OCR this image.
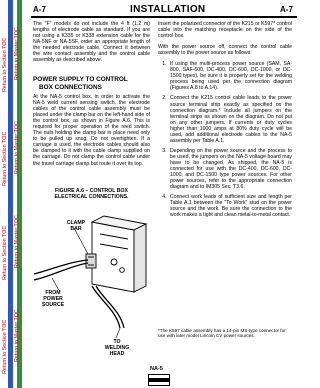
Return to Section TOC
Return to Section TOC
Return to Section TOC
Return to Section TOC
Return to Master TOC
Return to Master TOC
Return to Master TOC
Return to Master TOC
A-7	INSTALLATION	A-7

The "F" models do not include the 4 ft (1.2 m) lengths of electrode cable as standard. If you are not using a K335 or K338 extension cable for the NA-5NF or NA-5SF, order an appropriate length of the needed electrode cable. Connect it between the wire contact assembly and the control cable assembly as described above.

POWER SUPPLY TO CONTROL
BOX CONNECTIONS

At the NA-5 control box, in order to activate the NA-5 weld current sensing switch, the electrode cables of the control cable assembly must be placed under the clamp bar on the left-hand side of the control box, as shown in Figure A.6. This is required for proper operation of the reed switch. The nuts holding the clamp bar in place need only to be pulled up snug. Do not overtighten. If a carriage is used, the electrode cables should also be clamped to it with the cable clamp supplied on the carriage. Do not clamp the control cable under the travel carriage clamp but route it over its top.

FIGURE A.6 – CONTROL BOX
ELECTRICAL CONNECTIONS.
CLAMP
BAR
FROM
POWER
SOURCE
TO
WELDING
HEAD

Insert the polarized connector of the K215 or K597* control cable into the matching receptacle on the side of the control box.

With the power source off, connect the control cable assembly to the power source as follows:

1. If using the multi-process power source (SAM, SA-800, SAF-600, DC-400, DC-600, DC-1000, or DC-1500 types), be sure it is properly set for the welding process being used per the connection diagram (Figures A.8 to A.14).
2. Connect the K215 control cable leads to the power source terminal strip exactly as specified on the connection diagram.* Include all jumpers on the terminal strips as shown on the diagram. Do not put on any other jumpers. If currents or duty cycles higher than 1000 amps at 80% duty cycle will be used, add additional electrode cables to the NA-5 assembly per Table A.1.
3. Depending on the power source and the process to be used, the jumpers on the NA-5 voltage board may have to be changed. As shipped, the NA-5 is connected for use with the DC-400, DC-600, DC-1000, and DC-1500 type power sources. For other power sources, refer to the appropriate connection diagram and to IM305 Sec. T3.6.
4. Connect work leads of sufficient size and length per Table A.1 between the "To Work" stud on the power source and the work. Be sure the connection to the work makes a tight and clean metal-to-metal contact.
*The K597 cable assembly has a 14-pin MS-type connector for use with later model Lincoln CV power sources.
NA-5
